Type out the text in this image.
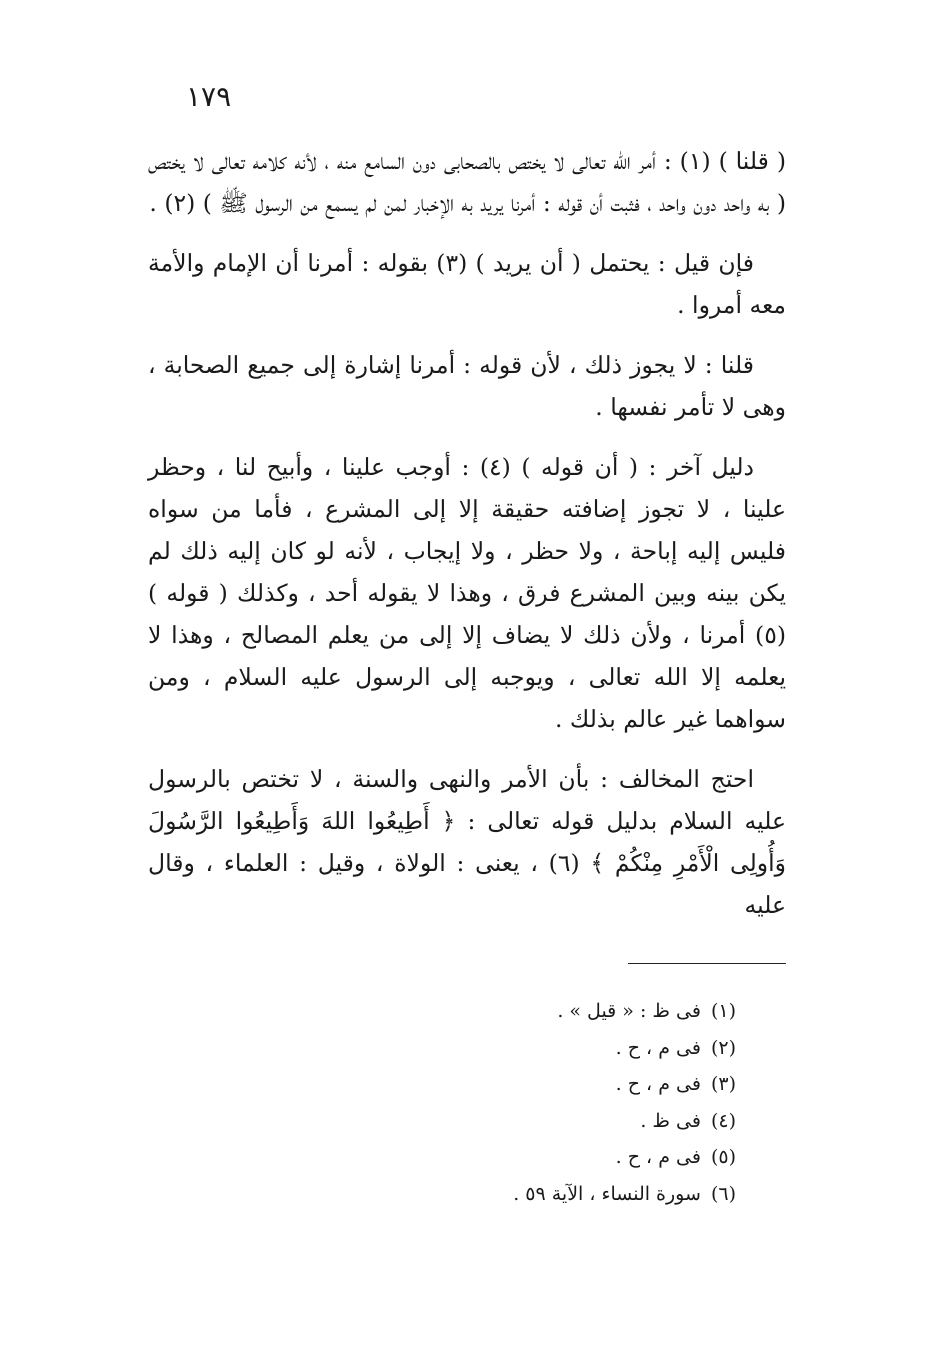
١٧٩

( قلنا ) (١) : أمر الله تعالى لا يختص بالصحابى دون السامع منه ، لأنه كلامه تعالى لا يختص ( به واحد دون واحد ، فثبت أن قوله : أمرنا يريد به الإخبار لمن لم يسمع من الرسول ﷺ ) (٢) .

فإن قيل : يحتمل ( أن يريد ) (٣) بقوله : أمرنا أن الإمام والأمة معه أمروا .

قلنا : لا يجوز ذلك ، لأن قوله : أمرنا إشارة إلى جميع الصحابة ، وهى لا تأمر نفسها .

دليل آخر : ( أن قوله ) (٤) : أوجب علينا ، وأبيح لنا ، وحظر علينا ، لا تجوز إضافته حقيقة إلا إلى المشرع ، فأما من سواه فليس إليه إباحة ، ولا حظر ، ولا إيجاب ، لأنه لو كان إليه ذلك لم يكن بينه وبين المشرع فرق ، وهذا لا يقوله أحد ، وكذلك ( قوله ) (٥) أمرنا ، ولأن ذلك لا يضاف إلا إلى من يعلم المصالح ، وهذا لا يعلمه إلا الله تعالى ، ويوجبه إلى الرسول عليه السلام ، ومن سواهما غير عالم بذلك .

احتج المخالف : بأن الأمر والنهى والسنة ، لا تختص بالرسول عليه السلام بدليل قوله تعالى : ﴿ أَطِيعُوا اللهَ وَأَطِيعُوا الرَّسُولَ وَأُولِى الْأَمْرِ مِنْكُمْ ﴾ (٦) ، يعنى : الولاة ، وقيل : العلماء ، وقال عليه

(١)فى ظ : « قيل » .
(٢)فى م ، ح .
(٣)فى م ، ح .
(٤)فى ظ .
(٥)فى م ، ح .
(٦)سورة النساء ، الآية ٥٩ .
